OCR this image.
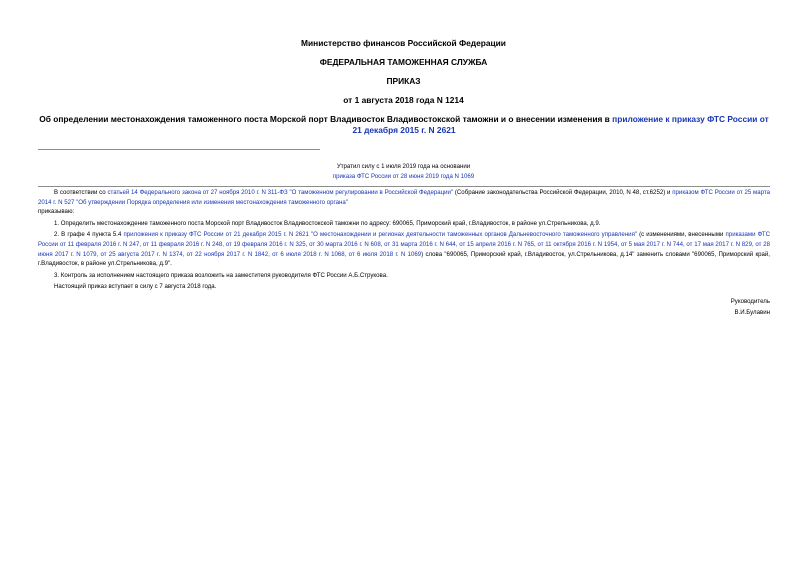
Министерство финансов Российской Федерации
ФЕДЕРАЛЬНАЯ ТАМОЖЕННАЯ СЛУЖБА
ПРИКАЗ
от 1 августа 2018 года N 1214
Об определении местонахождения таможенного поста Морской порт Владивосток Владивостокской таможни и о внесении изменения в приложение к приказу ФТС России от 21 декабря 2015 г. N 2621
Утратил силу с 1 июля 2019 года на основании
приказа ФТС России от 28 июня 2019 года N 1069

В соответствии со статьей 14 Федерального закона от 27 ноября 2010 г. N 311-ФЗ "О таможенном регулировании в Российской Федерации" (Собрание законодательства Российской Федерации, 2010, N 48, ст.6252) и приказом ФТС России от 25 марта 2014 г. N 527 "Об утверждении Порядка определения или изменения местонахождения таможенного органа"

приказываю:

1. Определить местонахождение таможенного поста Морской порт Владивосток Владивостокской таможни по адресу: 690065, Приморский край, г.Владивосток, в районе ул.Стрельникова, д.9.

2. В графе 4 пункта 5.4 приложения к приказу ФТС России от 21 декабря 2015 г. N 2621 "О местонахождении и регионах деятельности таможенных органов Дальневосточного таможенного управления" (с изменениями, внесенными приказами ФТС России от 11 февраля 2016 г. N 247, от 11 февраля 2016 г. N 248, от 19 февраля 2016 г. N 325, от 30 марта 2016 г. N 608, от 31 марта 2016 г. N 644, от 15 апреля 2016 г. N 765, от 11 октября 2016 г. N 1954, от 5 мая 2017 г. N 744, от 17 мая 2017 г. N 829, от 28 июня 2017 г. N 1079, от 25 августа 2017 г. N 1374, от 22 ноября 2017 г. N 1842, от 6 июля 2018 г. N 1068, от 6 июля 2018 г. N 1069) слова "690065, Приморский край, г.Владивосток, ул.Стрельникова, д.14" заменить словами "690065, Приморский край, г.Владивосток, в районе ул.Стрельникова, д.9".

3. Контроль за исполнением настоящего приказа возложить на заместителя руководителя ФТС России А.Б.Струкова.

Настоящий приказ вступает в силу с 7 августа 2018 года.

Руководитель
В.И.Булавин
